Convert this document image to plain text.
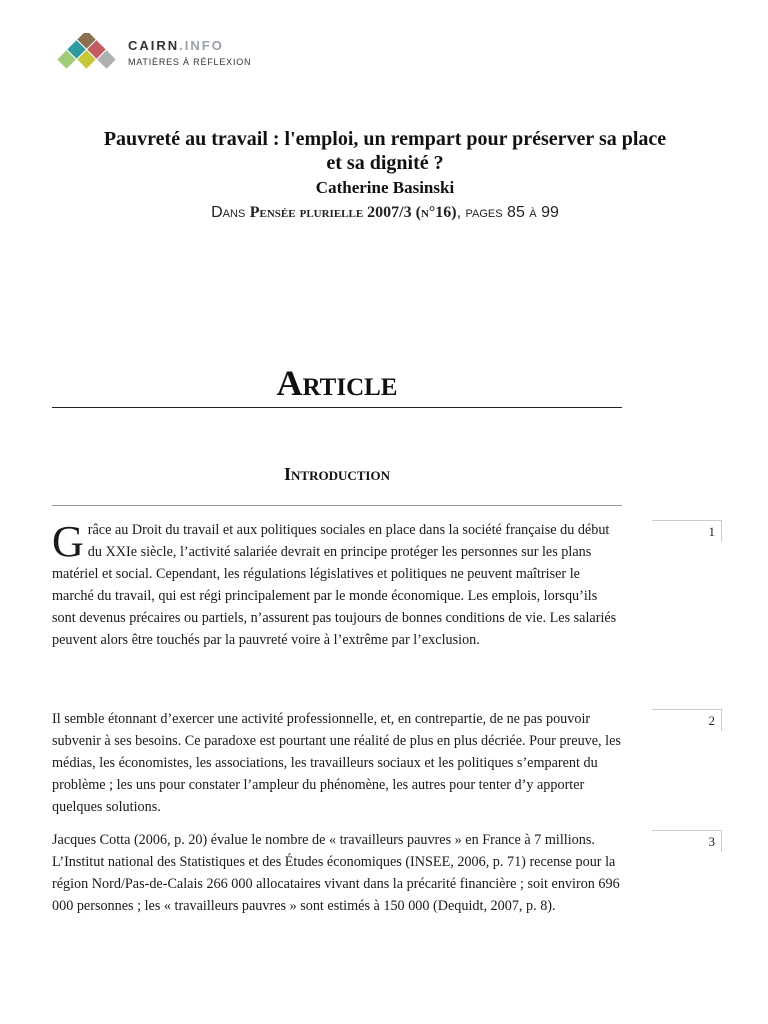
CAIRN.INFO
MATIÈRES À RÉFLEXION
Pauvreté au travail : l'emploi, un rempart pour préserver sa place et sa dignité ?
Catherine Basinski
Dans Pensée plurielle 2007/3 (n°16), pages 85 à 99
Article
Introduction
Grâce au Droit du travail et aux politiques sociales en place dans la société française du début du XXIe siècle, l’activité salariée devrait en principe protéger les personnes sur les plans matériel et social. Cependant, les régulations législatives et politiques ne peuvent maîtriser le marché du travail, qui est régi principalement par le monde économique. Les emplois, lorsqu’ils sont devenus précaires ou partiels, n’assurent pas toujours de bonnes conditions de vie. Les salariés peuvent alors être touchés par la pauvreté voire à l’extrême par l’exclusion.
1
Il semble étonnant d’exercer une activité professionnelle, et, en contrepartie, de ne pas pouvoir subvenir à ses besoins. Ce paradoxe est pourtant une réalité de plus en plus décriée. Pour preuve, les médias, les économistes, les associations, les travailleurs sociaux et les politiques s’emparent du problème ; les uns pour constater l’ampleur du phénomène, les autres pour tenter d’y apporter quelques solutions.
2
Jacques Cotta (2006, p. 20) évalue le nombre de « travailleurs pauvres » en France à 7 millions. L’Institut national des Statistiques et des Études économiques (INSEE, 2006, p. 71) recense pour la région Nord/Pas-de-Calais 266 000 allocataires vivant dans la précarité financière ; soit environ 696 000 personnes ; les « travailleurs pauvres » sont estimés à 150 000 (Dequidt, 2007, p. 8).
3
